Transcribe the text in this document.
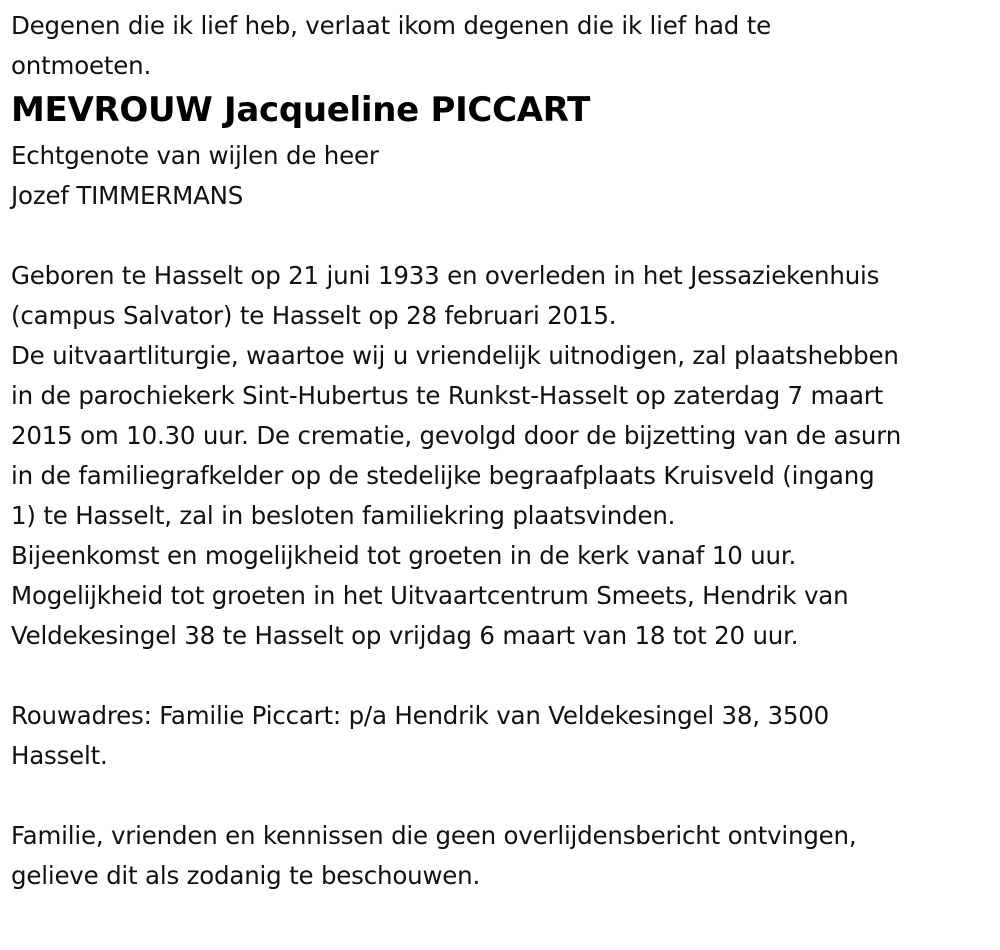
Degenen die ik lief heb, verlaat ikom degenen die ik lief had te
ontmoeten.
MEVROUW Jacqueline PICCART
Echtgenote van wijlen de heer
Jozef TIMMERMANS
Geboren te Hasselt op 21 juni 1933 en overleden in het Jessaziekenhuis
(campus Salvator) te Hasselt op 28 februari 2015.
De uitvaartliturgie, waartoe wij u vriendelijk uitnodigen, zal plaatshebben
in de parochiekerk Sint-Hubertus te Runkst-Hasselt op zaterdag 7 maart
2015 om 10.30 uur. De crematie, gevolgd door de bijzetting van de asurn
in de familiegrafkelder op de stedelijke begraafplaats Kruisveld (ingang
1) te Hasselt, zal in besloten familiekring plaatsvinden.
Bijeenkomst en mogelijkheid tot groeten in de kerk vanaf 10 uur.
Mogelijkheid tot groeten in het Uitvaartcentrum Smeets, Hendrik van
Veldekesingel 38 te Hasselt op vrijdag 6 maart van 18 tot 20 uur.
Rouwadres: Familie Piccart: p/a Hendrik van Veldekesingel 38, 3500
Hasselt.
Familie, vrienden en kennissen die geen overlijdensbericht ontvingen,
gelieve dit als zodanig te beschouwen.
